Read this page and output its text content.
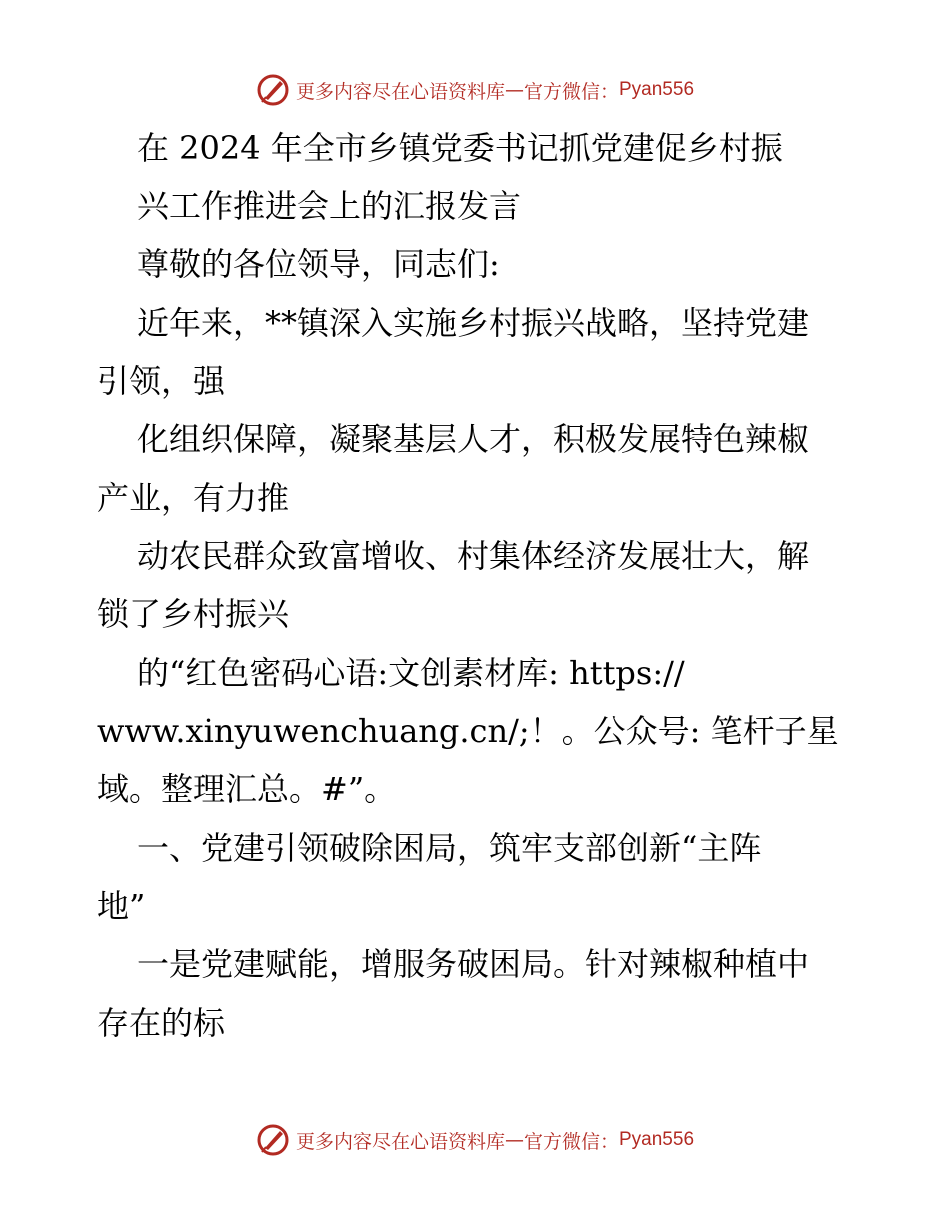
更多内容尽在心语资料库 — 官方微信： Pyan556
在 2024 年全市乡镇党委书记抓党建促乡村振
兴工作推进会上的汇报发言
尊敬的各位领导，同志们:
近年来，**镇深入实施乡村振兴战略，坚持党建
引领，强
化组织保障，凝聚基层人才，积极发展特色辣椒
产业，有力推
动农民群众致富增收、村集体经济发展壮大，解
锁了乡村振兴
的“红色密码心语:文创素材库: https://
www.xinyuwenchuang.cn/;！。公众号: 笔杆子星
域。整理汇总。#”。
一、党建引领破除困局，筑牢支部创新“主阵
地”
一是党建赋能，增服务破困局。针对辣椒种植中
存在的标
更多内容尽在心语资料库 — 官方微信： Pyan556
